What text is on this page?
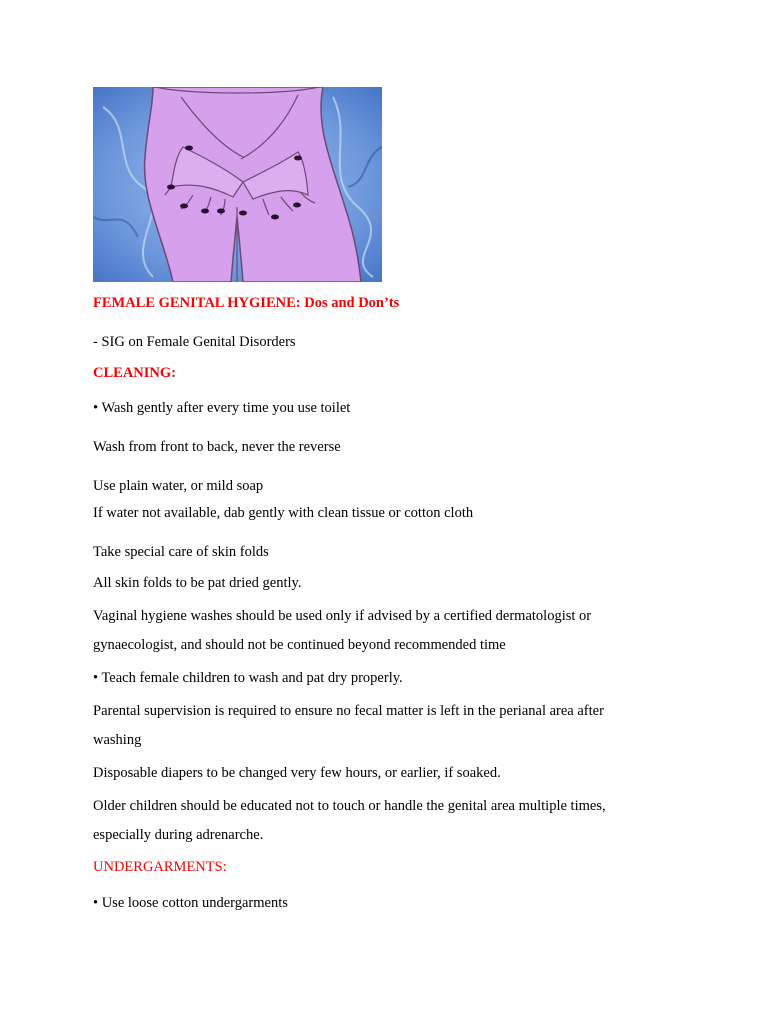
FEMALE GENITAL HYGIENE: Dos and Don’ts
- SIG on Female Genital Disorders
CLEANING:
• Wash gently after every time you use toilet
Wash from front to back, never the reverse
Use plain water, or mild soap
If water not available, dab gently with clean tissue or cotton cloth
Take special care of skin folds
All skin folds to be pat dried gently.
Vaginal hygiene washes should be used only if advised by a certified dermatologist or gynaecologist, and should not be continued beyond recommended time
• Teach female children to wash and pat dry properly.
Parental supervision is required to ensure no fecal matter is left in the perianal area after washing
Disposable diapers to be changed very few hours, or earlier, if soaked.
Older children should be educated not to touch or handle the genital area multiple times, especially during adrenarche.
UNDERGARMENTS:
• Use loose cotton undergarments
